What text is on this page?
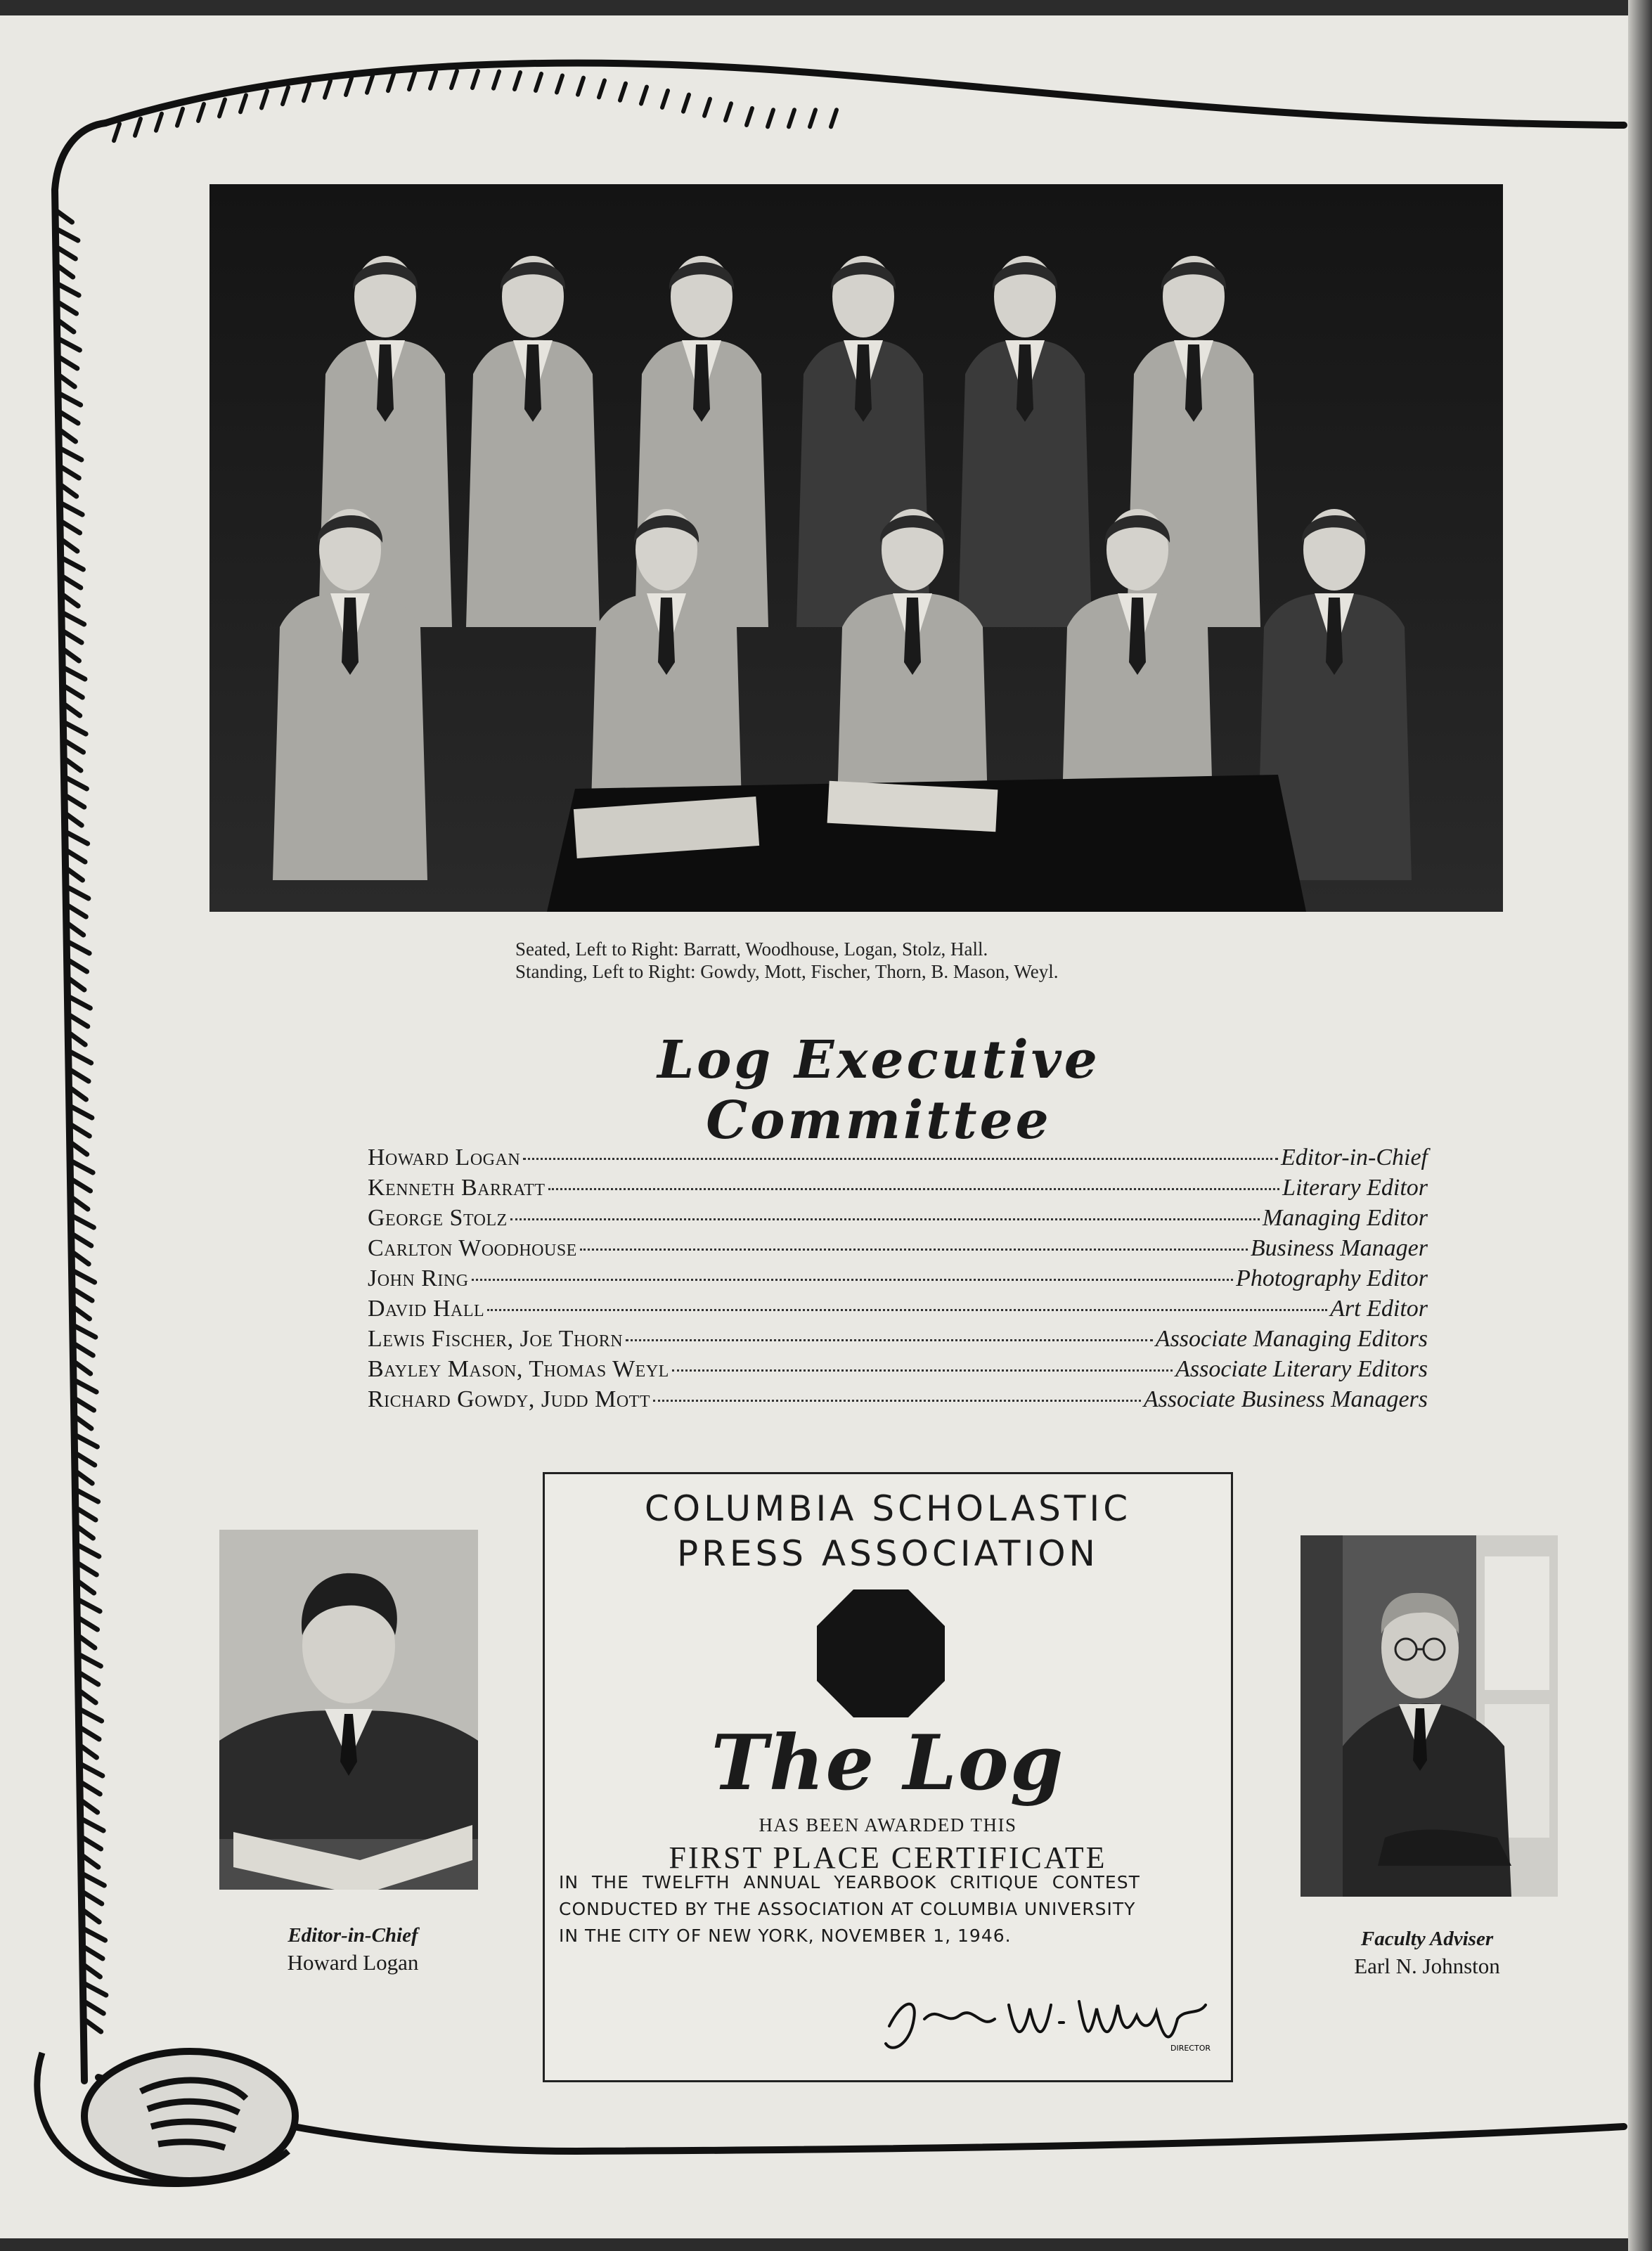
Seated, Left to Right: Barratt, Woodhouse, Logan, Stolz, Hall.
Standing, Left to Right: Gowdy, Mott, Fischer, Thorn, B. Mason, Weyl.
Log Executive Committee
Howard Logan	Editor-in-Chief
Kenneth Barratt	Literary Editor
George Stolz	Managing Editor
Carlton Woodhouse	Business Manager
John Ring	Photography Editor
David Hall	Art Editor
Lewis Fischer, Joe Thorn	Associate Managing Editors
Bayley Mason, Thomas Weyl	Associate Literary Editors
Richard Gowdy, Judd Mott	Associate Business Managers
COLUMBIA SCHOLASTIC
PRESS ASSOCIATION
The Log
HAS BEEN AWARDED THIS
FIRST PLACE CERTIFICATE
IN THE TWELFTH ANNUAL YEARBOOK CRITIQUE CONTEST
CONDUCTED BY THE ASSOCIATION AT COLUMBIA UNIVERSITY
IN THE CITY OF NEW YORK, NOVEMBER 1, 1946.
DIRECTOR
Editor-in-Chief
Howard Logan
Faculty Adviser
Earl N. Johnston
